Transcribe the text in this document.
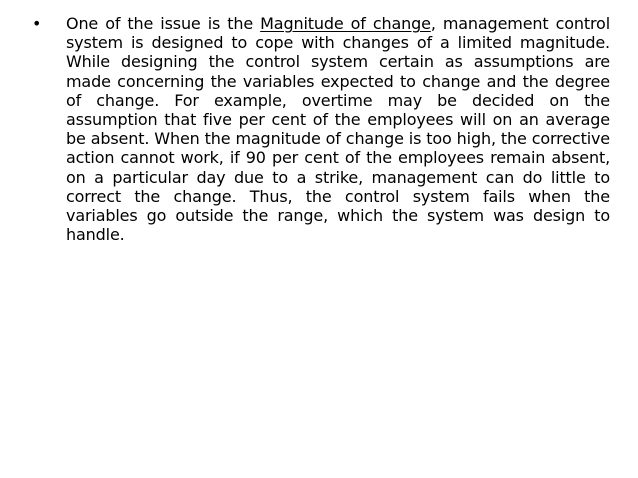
•	One of the issue is the Magnitude of change, management control system is designed to cope with changes of a limited magnitude. While designing the control system certain as assumptions are made concerning the variables expected to change and the degree of change. For example, overtime may be decided on the assumption that five per cent of the employees will on an average be absent. When the magnitude of change is too high, the corrective action cannot work, if 90 per cent of the employees remain absent, on a particular day due to a strike, management can do little to correct the change. Thus, the control system fails when the variables go outside the range, which the system was design to handle.
